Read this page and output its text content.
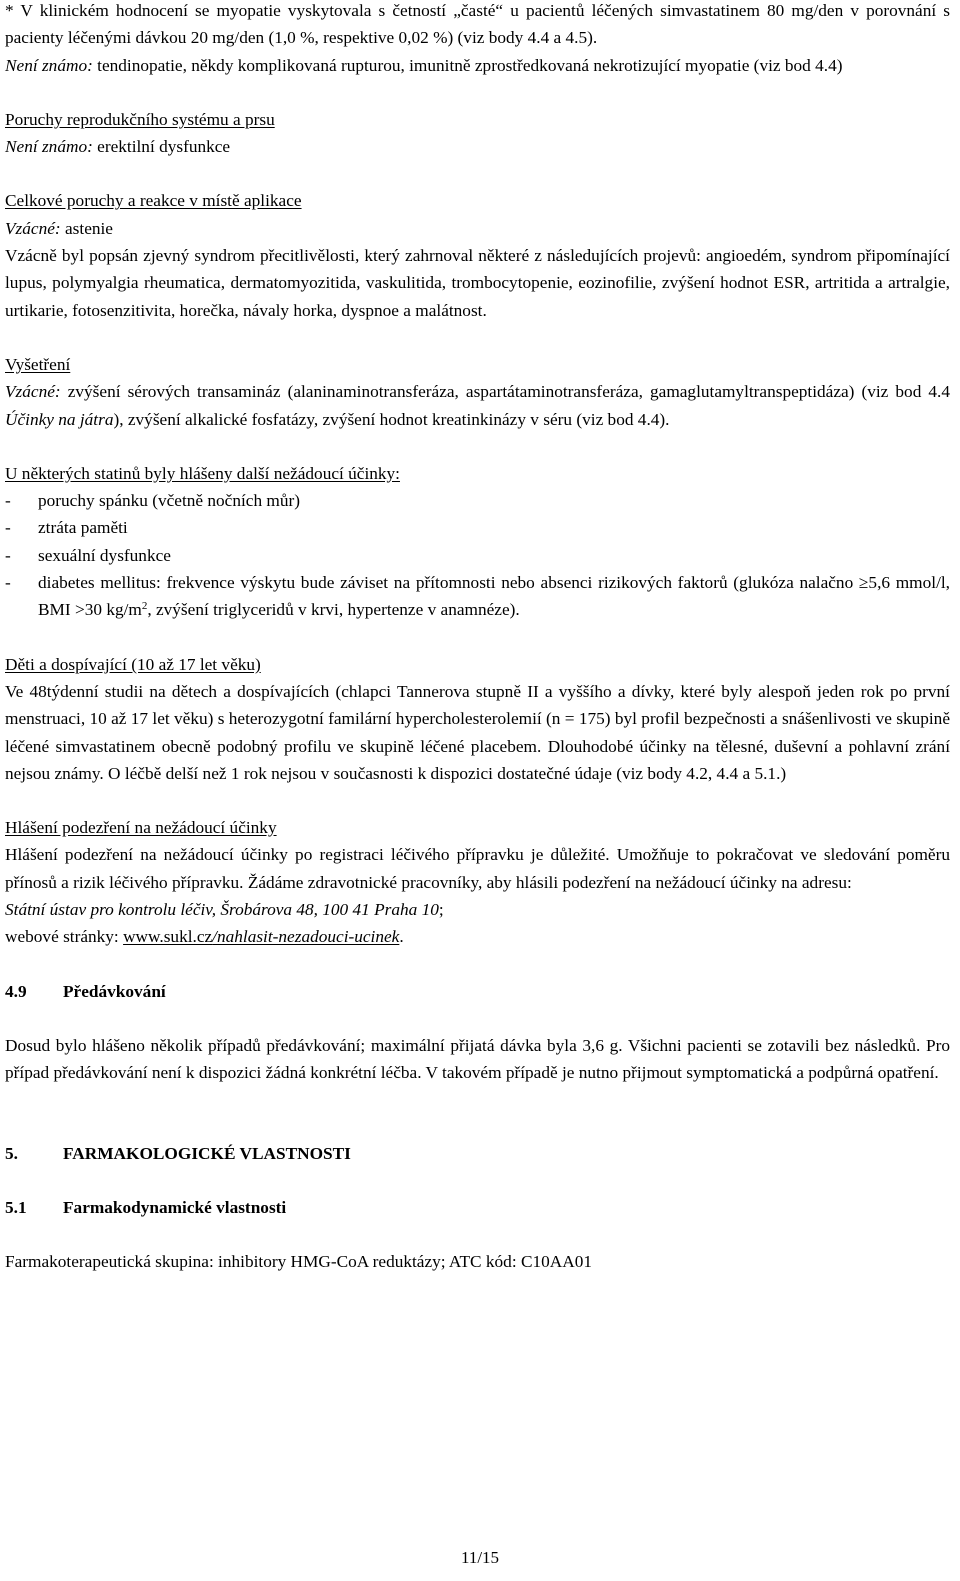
* V klinickém hodnocení se myopatie vyskytovala s četností „časté“ u pacientů léčených simvastatinem 80 mg/den v porovnání s pacienty léčenými dávkou 20 mg/den (1,0 %, respektive 0,02 %) (viz body 4.4 a 4.5).

Není známo: tendinopatie, někdy komplikovaná rupturou, imunitně zprostředkovaná nekrotizující myopatie (viz bod 4.4)

Poruchy reprodukčního systému a prsu

Není známo: erektilní dysfunkce

Celkové poruchy a reakce v místě aplikace

Vzácné: astenie

Vzácně byl popsán zjevný syndrom přecitlivělosti, který zahrnoval některé z následujících projevů: angioedém, syndrom připomínající lupus, polymyalgia rheumatica, dermatomyozitida, vaskulitida, trombocytopenie, eozinofilie, zvýšení hodnot ESR, artritida a artralgie, urtikarie, fotosenzitivita, horečka, návaly horka, dyspnoe a malátnost.

Vyšetření

Vzácné: zvýšení sérových transamináz (alaninaminotransferáza, aspartátaminotransferáza, gamaglutamyltranspeptidáza) (viz bod 4.4 Účinky na játra), zvýšení alkalické fosfatázy, zvýšení hodnot kreatinkinázy v séru (viz bod 4.4).

U některých statinů byly hlášeny další nežádoucí účinky:

- poruchy spánku (včetně nočních můr)
- ztráta paměti
- sexuální dysfunkce
- diabetes mellitus: frekvence výskytu bude záviset na přítomnosti nebo absenci rizikových faktorů (glukóza nalačno ≥5,6 mmol/l, BMI >30 $kg/m^2$, zvýšení triglyceridů v krvi, hypertenze v anamnéze).

Děti a dospívající (10 až 17 let věku)

Ve 48týdenní studii na dětech a dospívajících (chlapci Tannerova stupně II a vyššího a dívky, které byly alespoň jeden rok po první menstruaci, 10 až 17 let věku) s heterozygotní familární hypercholesterolemií (n = 175) byl profil bezpečnosti a snášenlivosti ve skupině léčené simvastatinem obecně podobný profilu ve skupině léčené placebem. Dlouhodobé účinky na tělesné, duševní a pohlavní zrání nejsou známy. O léčbě delší než 1 rok nejsou v současnosti k dispozici dostatečné údaje (viz body 4.2, 4.4 a 5.1.)

Hlášení podezření na nežádoucí účinky

Hlášení podezření na nežádoucí účinky po registraci léčivého přípravku je důležité. Umožňuje to pokračovat ve sledování poměru přínosů a rizik léčivého přípravku. Žádáme zdravotnické pracovníky, aby hlásili podezření na nežádoucí účinky na adresu:

Státní ústav pro kontrolu léčiv, Šrobárova 48, 100 41 Praha 10;

webové stránky: www.sukl.cz/nahlasit-nezadouci-ucinek.

4.9	Předávkování

Dosud bylo hlášeno několik případů předávkování; maximální přijatá dávka byla 3,6 g. Všichni pacienti se zotavili bez následků. Pro případ předávkování není k dispozici žádná konkrétní léčba. V takovém případě je nutno přijmout symptomatická a podpůrná opatření.

5.	FARMAKOLOGICKÉ VLASTNOSTI
5.1	Farmakodynamické vlastnosti

Farmakoterapeutická skupina: inhibitory HMG-CoA reduktázy; ATC kód: C10AA01

11/15
